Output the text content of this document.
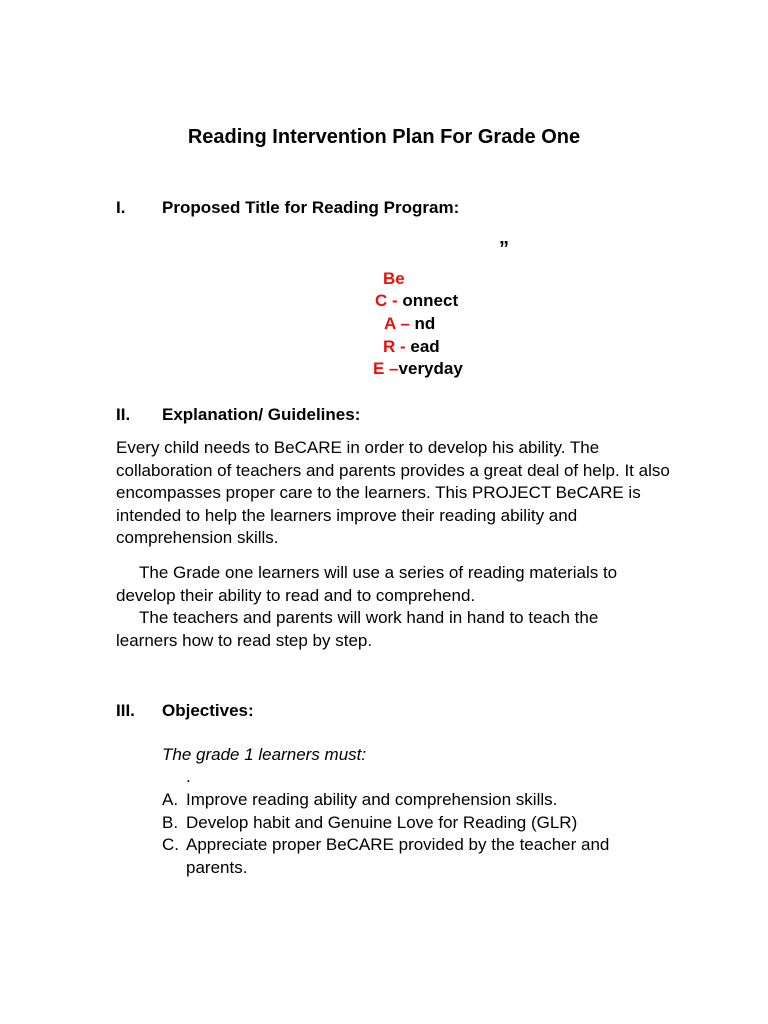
Reading Intervention Plan For Grade One
I. Proposed Title for Reading Program:
”
Be
C - onnect
A – nd
R - ead
E –veryday
II. Explanation/ Guidelines:

Every child needs to BeCARE in order to develop his ability. The collaboration of teachers and parents provides a great deal of help. It also encompasses proper care to the learners. This PROJECT BeCARE is intended to help the learners improve their reading ability and comprehension skills.

The Grade one learners will use a series of reading materials to
develop their ability to read and to comprehend.
The teachers and parents will work hand in hand to teach the
learners how to read step by step.
III. Objectives:
The grade 1 learners must:
.
A. Improve reading ability and comprehension skills.
B. Develop habit and Genuine Love for Reading (GLR)
C. Appreciate proper BeCARE provided by the teacher and parents.
